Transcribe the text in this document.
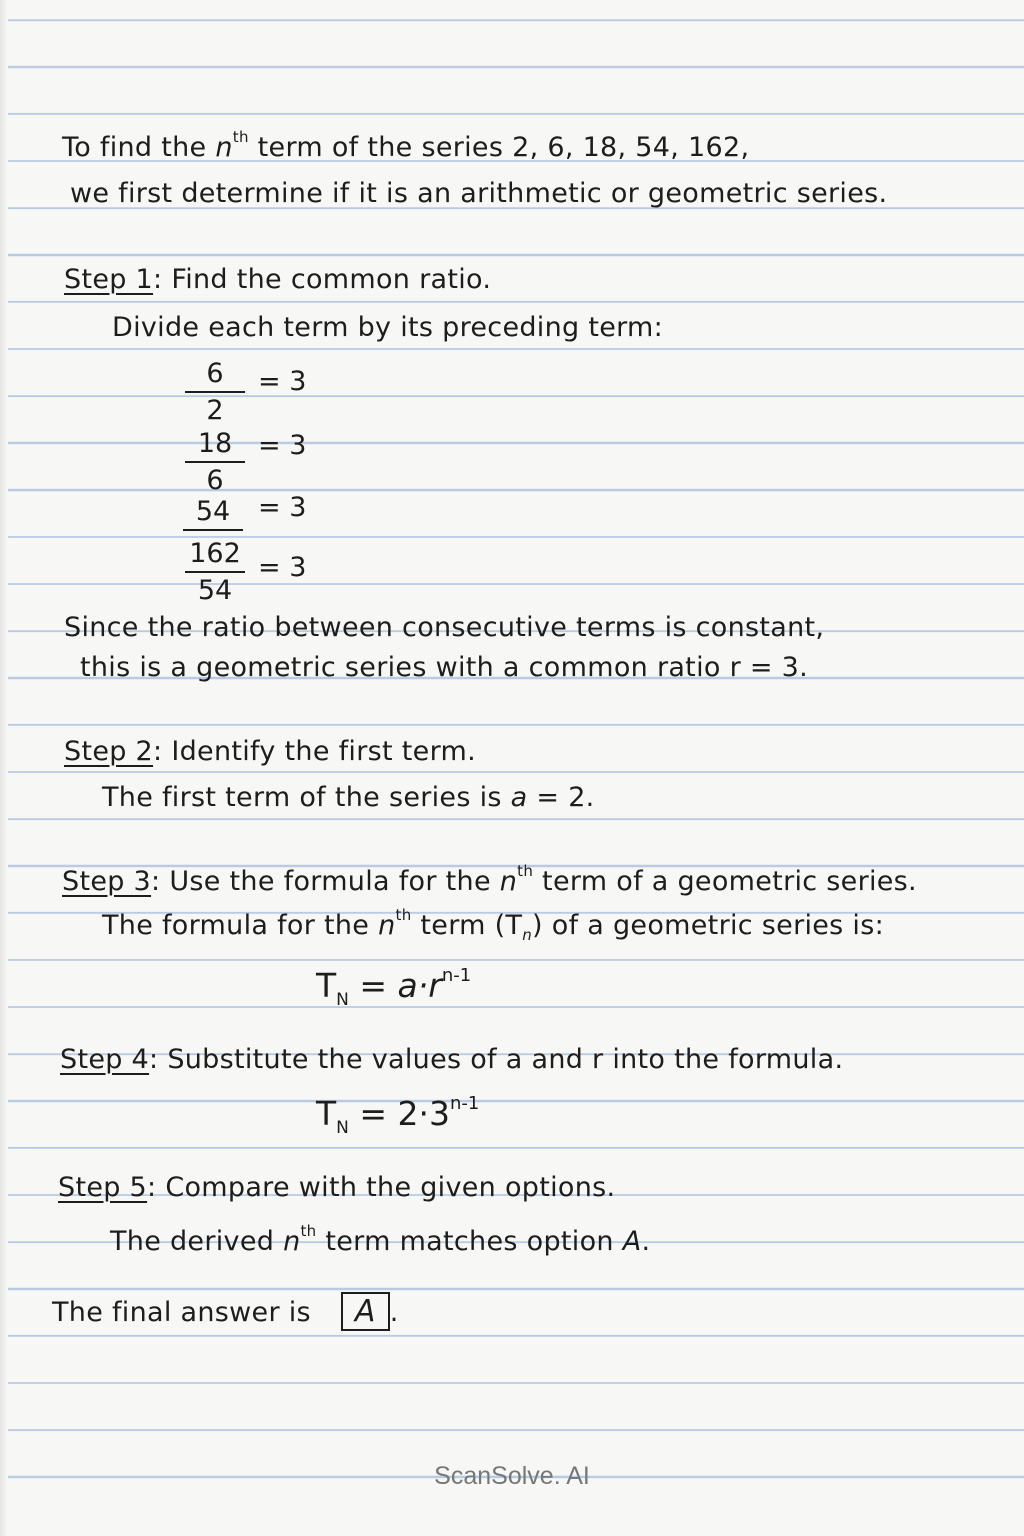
To find the $n^{th}$ term of the series 2, 6, 18, 54, 162,
we first determine if it is an arithmetic or geometric series.
Step 1: Find the common ratio.
Divide each term by its preceding term:
$\frac{6}{2} = 3$
$\frac{18}{6} = 3$
54	= 3
$\frac{162}{54} = 3$
Since the ratio between consecutive terms is constant,
this is a geometric series with a common ratio r = 3.
Step 2: Identify the first term.
The first term of the series is a = 2.
Step 3: Use the formula for the $n^{th}$ term of a geometric series.
The formula for the $n^{th}$ term $(T_n)$ of a geometric series is:
$T_N = a\cdot r^{n-1}$
Step 4: Substitute the values of a and r into the formula.
$T_N = 2\cdot 3^{n-1}$
Step 5: Compare with the given options.
The derived $n^{th}$ term matches option A.
The final answer is A .
ScanSolve. AI
